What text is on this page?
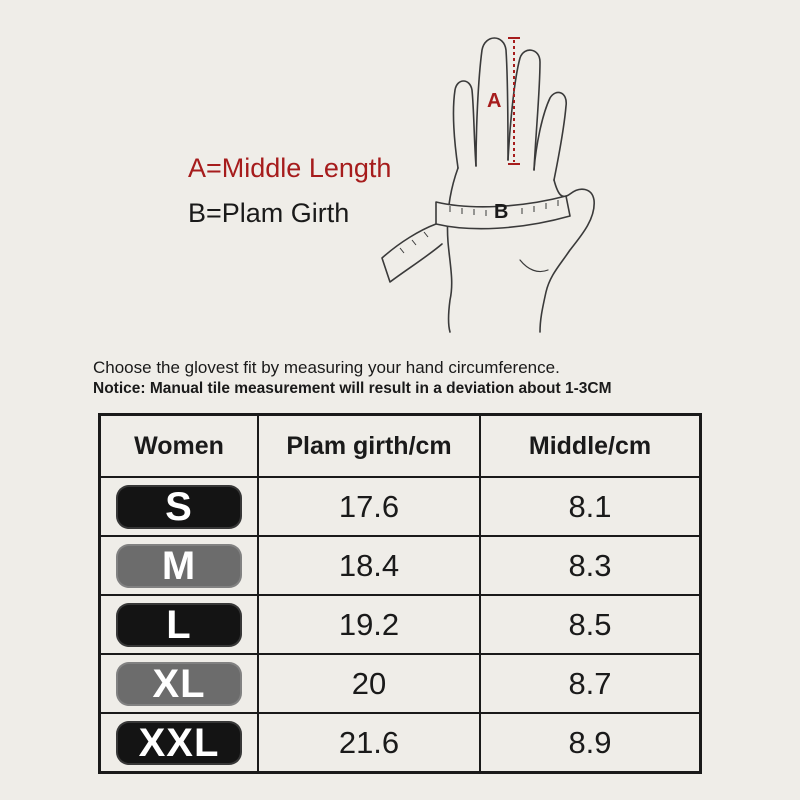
A
B
A=Middle Length
B=Plam Girth
Choose the glovest fit by measuring your hand circumference.
Notice: Manual tile measurement will result in a deviation about 1-3CM
Women	Plam girth/cm	Middle/cm
S	17.6	8.1
M	18.4	8.3
L	19.2	8.5
XL	20	8.7
XXL	21.6	8.9
